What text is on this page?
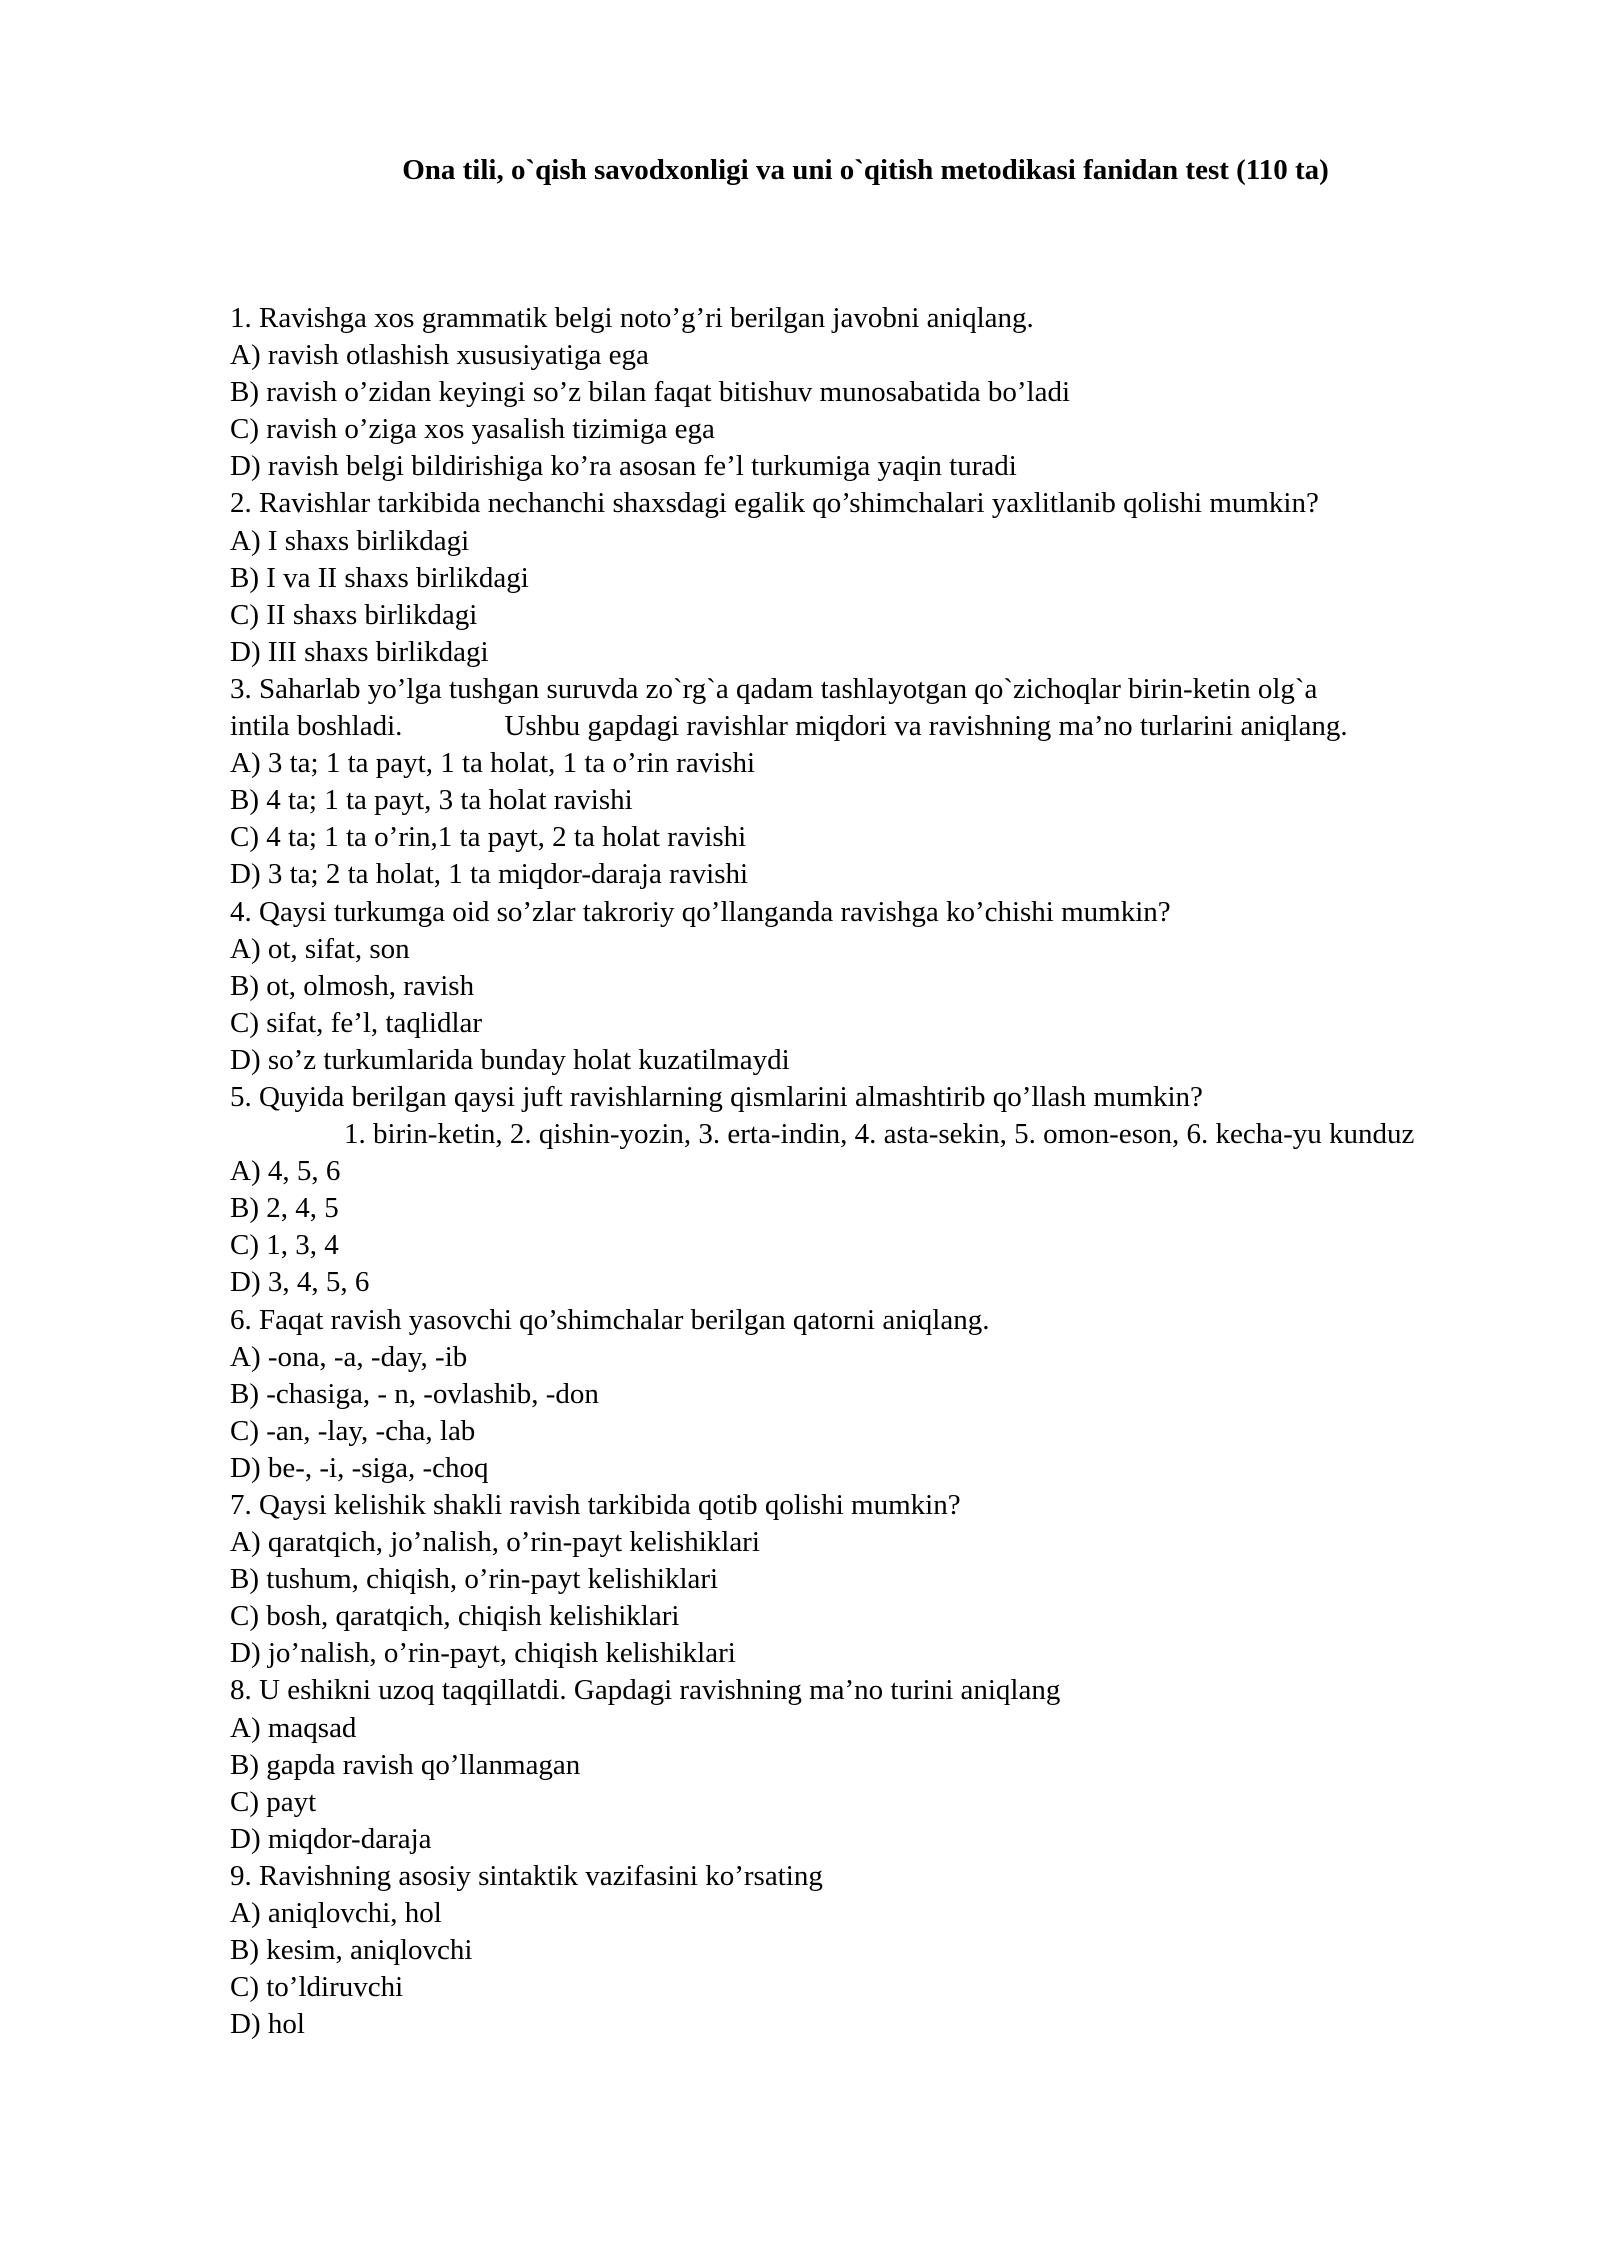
Ona tili, o`qish savodxonligi va uni o`qitish metodikasi fanidan test (110 ta)
1. Ravishga xos grammatik belgi noto’g’ri berilgan javobni aniqlang.
A) ravish otlashish xususiyatiga ega
B) ravish o’zidan keyingi so’z bilan faqat bitishuv munosabatida bo’ladi
C) ravish o’ziga xos yasalish tizimiga ega
D) ravish belgi bildirishiga ko’ra asosan fe’l turkumiga yaqin turadi
2. Ravishlar tarkibida nechanchi shaxsdagi egalik qo’shimchalari yaxlitlanib qolishi mumkin?
A) I shaxs birlikdagi
B) I va II shaxs birlikdagi
C) II shaxs birlikdagi
D) III shaxs birlikdagi
3. Saharlab yo’lga tushgan suruvda zo`rg`a qadam tashlayotgan qo`zichoqlar birin-ketin olg`a
intila boshladi.	Ushbu gapdagi ravishlar miqdori va ravishning ma’no turlarini aniqlang.
A) 3 ta; 1 ta payt, 1 ta holat, 1 ta o’rin ravishi
B) 4 ta; 1 ta payt, 3 ta holat ravishi
C) 4 ta; 1 ta o’rin,1 ta payt, 2 ta holat ravishi
D) 3 ta; 2 ta holat, 1 ta miqdor-daraja ravishi
4. Qaysi turkumga oid so’zlar takroriy qo’llanganda ravishga ko’chishi mumkin?
A) ot, sifat, son
B) ot, olmosh, ravish
C) sifat, fe’l, taqlidlar
D) so’z turkumlarida bunday holat kuzatilmaydi
5. Quyida berilgan qaysi juft ravishlarning qismlarini almashtirib qo’llash mumkin?
1. birin-ketin, 2. qishin-yozin, 3. erta-indin, 4. asta-sekin, 5. omon-eson, 6. kecha-yu kunduz
A) 4, 5, 6
B) 2, 4, 5
C) 1, 3, 4
D) 3, 4, 5, 6
6. Faqat ravish yasovchi qo’shimchalar berilgan qatorni aniqlang.
A) -ona, -a, -day, -ib
B) -chasiga, - n, -ovlashib, -don
C) -an, -lay, -cha, lab
D) be-, -i, -siga, -choq
7. Qaysi kelishik shakli ravish tarkibida qotib qolishi mumkin?
A) qaratqich, jo’nalish, o’rin-payt kelishiklari
B) tushum, chiqish, o’rin-payt kelishiklari
C) bosh, qaratqich, chiqish kelishiklari
D) jo’nalish, o’rin-payt, chiqish kelishiklari
8. U eshikni uzoq taqqillatdi. Gapdagi ravishning ma’no turini aniqlang
A) maqsad
B) gapda ravish qo’llanmagan
C) payt
D) miqdor-daraja
9. Ravishning asosiy sintaktik vazifasini ko’rsating
A) aniqlovchi, hol
B) kesim, aniqlovchi
C) to’ldiruvchi
D) hol
